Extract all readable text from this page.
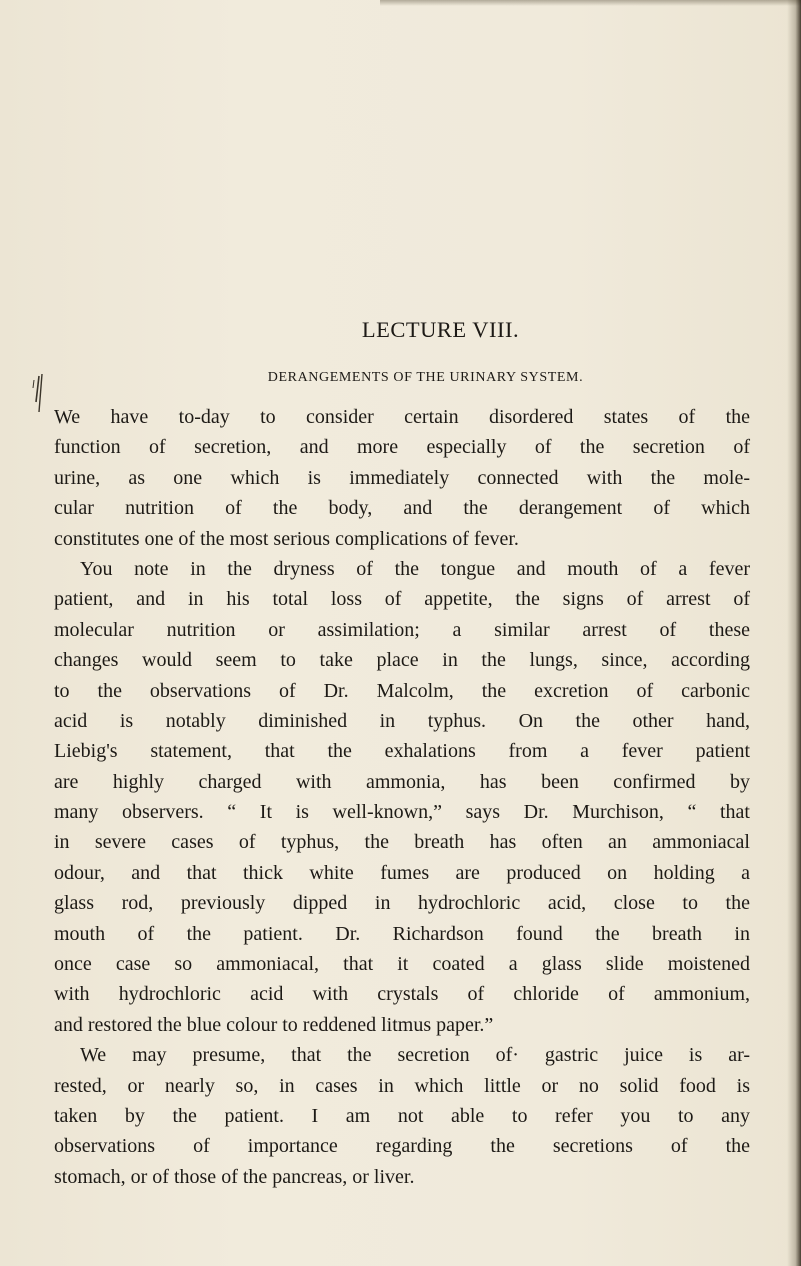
LECTURE VIII.
DERANGEMENTS OF THE URINARY SYSTEM.
We have to-day to consider certain disordered states of the
function of secretion, and more especially of the secretion of
urine, as one which is immediately connected with the mole-
cular nutrition of the body, and the derangement of which
constitutes one of the most serious complications of fever.
You note in the dryness of the tongue and mouth of a fever
patient, and in his total loss of appetite, the signs of arrest of
molecular nutrition or assimilation; a similar arrest of these
changes would seem to take place in the lungs, since, according
to the observations of Dr. Malcolm, the excretion of carbonic
acid is notably diminished in typhus. On the other hand,
Liebig's statement, that the exhalations from a fever patient
are highly charged with ammonia, has been confirmed by
many observers. “ It is well-known,” says Dr. Murchison, “ that
in severe cases of typhus, the breath has often an ammoniacal
odour, and that thick white fumes are produced on holding a
glass rod, previously dipped in hydrochloric acid, close to the
mouth of the patient. Dr. Richardson found the breath in
once case so ammoniacal, that it coated a glass slide moistened
with hydrochloric acid with crystals of chloride of ammonium,
and restored the blue colour to reddened litmus paper.”
We may presume, that the secretion of· gastric juice is ar-
rested, or nearly so, in cases in which little or no solid food is
taken by the patient. I am not able to refer you to any
observations of importance regarding the secretions of the
stomach, or of those of the pancreas, or liver.
